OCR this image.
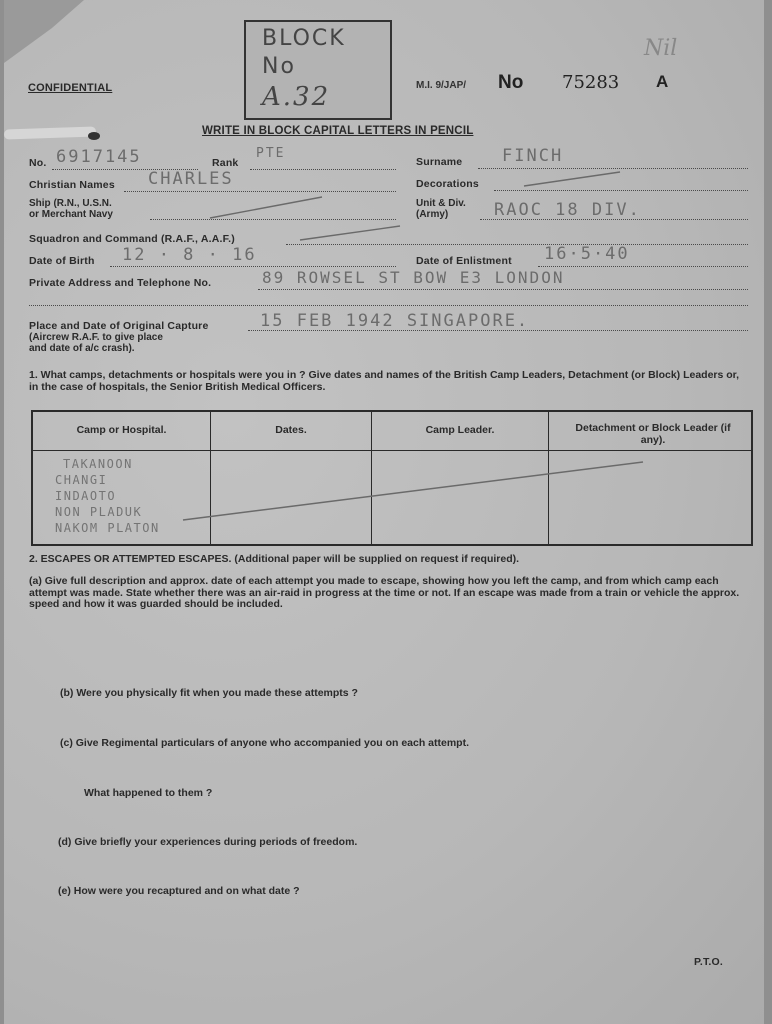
CONFIDENTIAL
BLOCK
No
A.32
Nil
M.I. 9/JAP/ No 75283 A
WRITE IN BLOCK CAPITAL LETTERS IN PENCIL
No. 6917145	Rank
PTE
Surname FINCH
Christian Names CHARLES	Decorations
Ship (R.N., U.S.N.
or Merchant Navy
Unit & Div.
(Army)	RAOC 18 DIV.
Squadron and Command (R.A.F., A.A.F.)
Date of Birth 12 · 8 · 16	Date of Enlistment 16·5·40
Private Address and Telephone No.	89 ROWSEL ST BOW E3 LONDON
Place and Date of Original Capture
(Aircrew R.A.F. to give place
and date of a/c crash).
15 FEB 1942 SINGAPORE.
1. What camps, detachments or hospitals were you in ? Give dates and names of the British Camp Leaders, Detachment (or Block) Leaders or, in the case of hospitals, the Senior British Medical Officers.
Camp or Hospital.	Dates.	Camp Leader.	Detachment or Block Leader (if any).
TAKANOON
CHANGI
INDAOTO
NON PLADUK
NAKOM PLATON
2. ESCAPES OR ATTEMPTED ESCAPES. (Additional paper will be supplied on request if required).
(a) Give full description and approx. date of each attempt you made to escape, showing how you left the camp, and from which camp each attempt was made. State whether there was an air-raid in progress at the time or not. If an escape was made from a train or vehicle the approx. speed and how it was guarded should be included.
(b) Were you physically fit when you made these attempts ?
(c) Give Regimental particulars of anyone who accompanied you on each attempt.
What happened to them ?
(d) Give briefly your experiences during periods of freedom.
(e) How were you recaptured and on what date ?
P.T.O.
